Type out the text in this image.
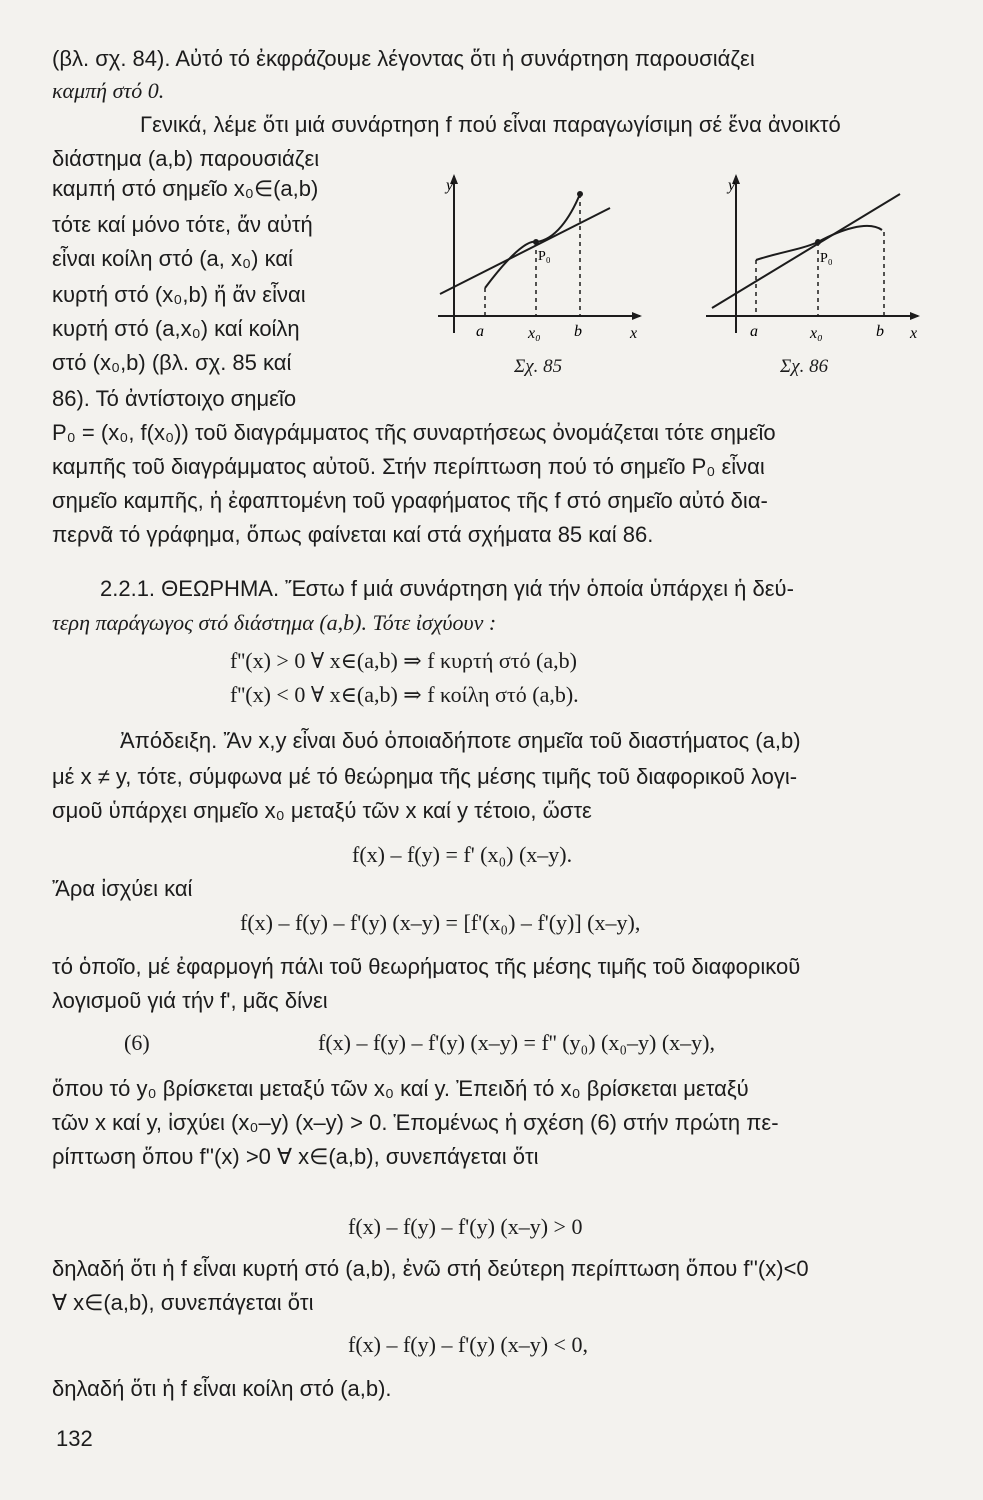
(βλ. σχ. 84). Αὐτό τό ἐκφράζουμε λέγοντας ὅτι ἡ συνάρτηση παρουσιάζει
καμπή στό 0.
Γενικά, λέμε ὅτι μιά συνάρτηση f πού εἶναι παραγωγίσιμη σέ ἕνα ἀνοικτό
διάστημα (a,b) παρουσιάζει
καμπή στό σημεῖο x₀∈(a,b)
τότε καί μόνο τότε, ἄν αὐτή
εἶναι κοίλη στό (a, x₀) καί
κυρτή στό (x₀,b) ἤ ἄν εἶναι
κυρτή στό (a,x₀) καί κοίλη
στό (x₀,b) (βλ. σχ. 85 καί
86). Τό ἀντίστοιχο σημεῖο
P₀ = (x₀, f(x₀)) τοῦ διαγράμματος τῆς συναρτήσεως ὀνομάζεται τότε σημεῖο
καμπῆς τοῦ διαγράμματος αὐτοῦ. Στήν περίπτωση πού τό σημεῖο P₀ εἶναι
σημεῖο καμπῆς, ἡ ἐφαπτομένη τοῦ γραφήματος τῆς f στό σημεῖο αὐτό δια-
περνᾶ τό γράφημα, ὅπως φαίνεται καί στά σχήματα 85 καί 86.
2.2.1. ΘΕΩΡΗΜΑ. Ἔστω f μιά συνάρτηση γιά τήν ὁποία ὑπάρχει ἡ δεύ-
τερη παράγωγος στό διάστημα (a,b). Τότε ἰσχύουν :
f''(x) > 0 ∀ x∈(a,b) ⇒ f κυρτή στό (a,b)
f''(x) < 0 ∀ x∈(a,b) ⇒ f κοίλη στό (a,b).
Ἀπόδειξη. Ἄν x,y εἶναι δυό ὁποιαδήποτε σημεῖα τοῦ διαστήματος (a,b)
μέ x ≠ y, τότε, σύμφωνα μέ τό θεώρημα τῆς μέσης τιμῆς τοῦ διαφορικοῦ λογι-
σμοῦ ὑπάρχει σημεῖο x₀ μεταξύ τῶν x καί y τέτοιο, ὥστε
f(x) – f(y) = f' (x₀) (x–y).
Ἄρα ἰσχύει καί
f(x) – f(y) – f'(y) (x–y) = [f'(x₀) – f'(y)] (x–y),
τό ὁποῖο, μέ ἐφαρμογή πάλι τοῦ θεωρήματος τῆς μέσης τιμῆς τοῦ διαφορικοῦ
λογισμοῦ γιά τήν f', μᾶς δίνει
(6)	f(x) – f(y) – f'(y) (x–y) = f'' (y₀) (x₀–y) (x–y),
ὅπου τό y₀ βρίσκεται μεταξύ τῶν x₀ καί y. Ἐπειδή τό x₀ βρίσκεται μεταξύ
τῶν x καί y, ἰσχύει (x₀–y) (x–y) > 0. Ἑπομένως ἡ σχέση (6) στήν πρώτη πε-
ρίπτωση ὅπου f''(x) >0 ∀ x∈(a,b), συνεπάγεται ὅτι
f(x) – f(y) – f'(y) (x–y) > 0
δηλαδή ὅτι ἡ f εἶναι κυρτή στό (a,b), ἐνῶ στή δεύτερη περίπτωση ὅπου f''(x)<0
∀ x∈(a,b), συνεπάγεται ὅτι
f(x) – f(y) – f'(y) (x–y) < 0,
δηλαδή ὅτι ἡ f εἶναι κοίλη στό (a,b).
132
y
x
a	x₀ b
P₀
Σχ. 85
y
x
a	x₀	b
P₀
Σχ. 86
